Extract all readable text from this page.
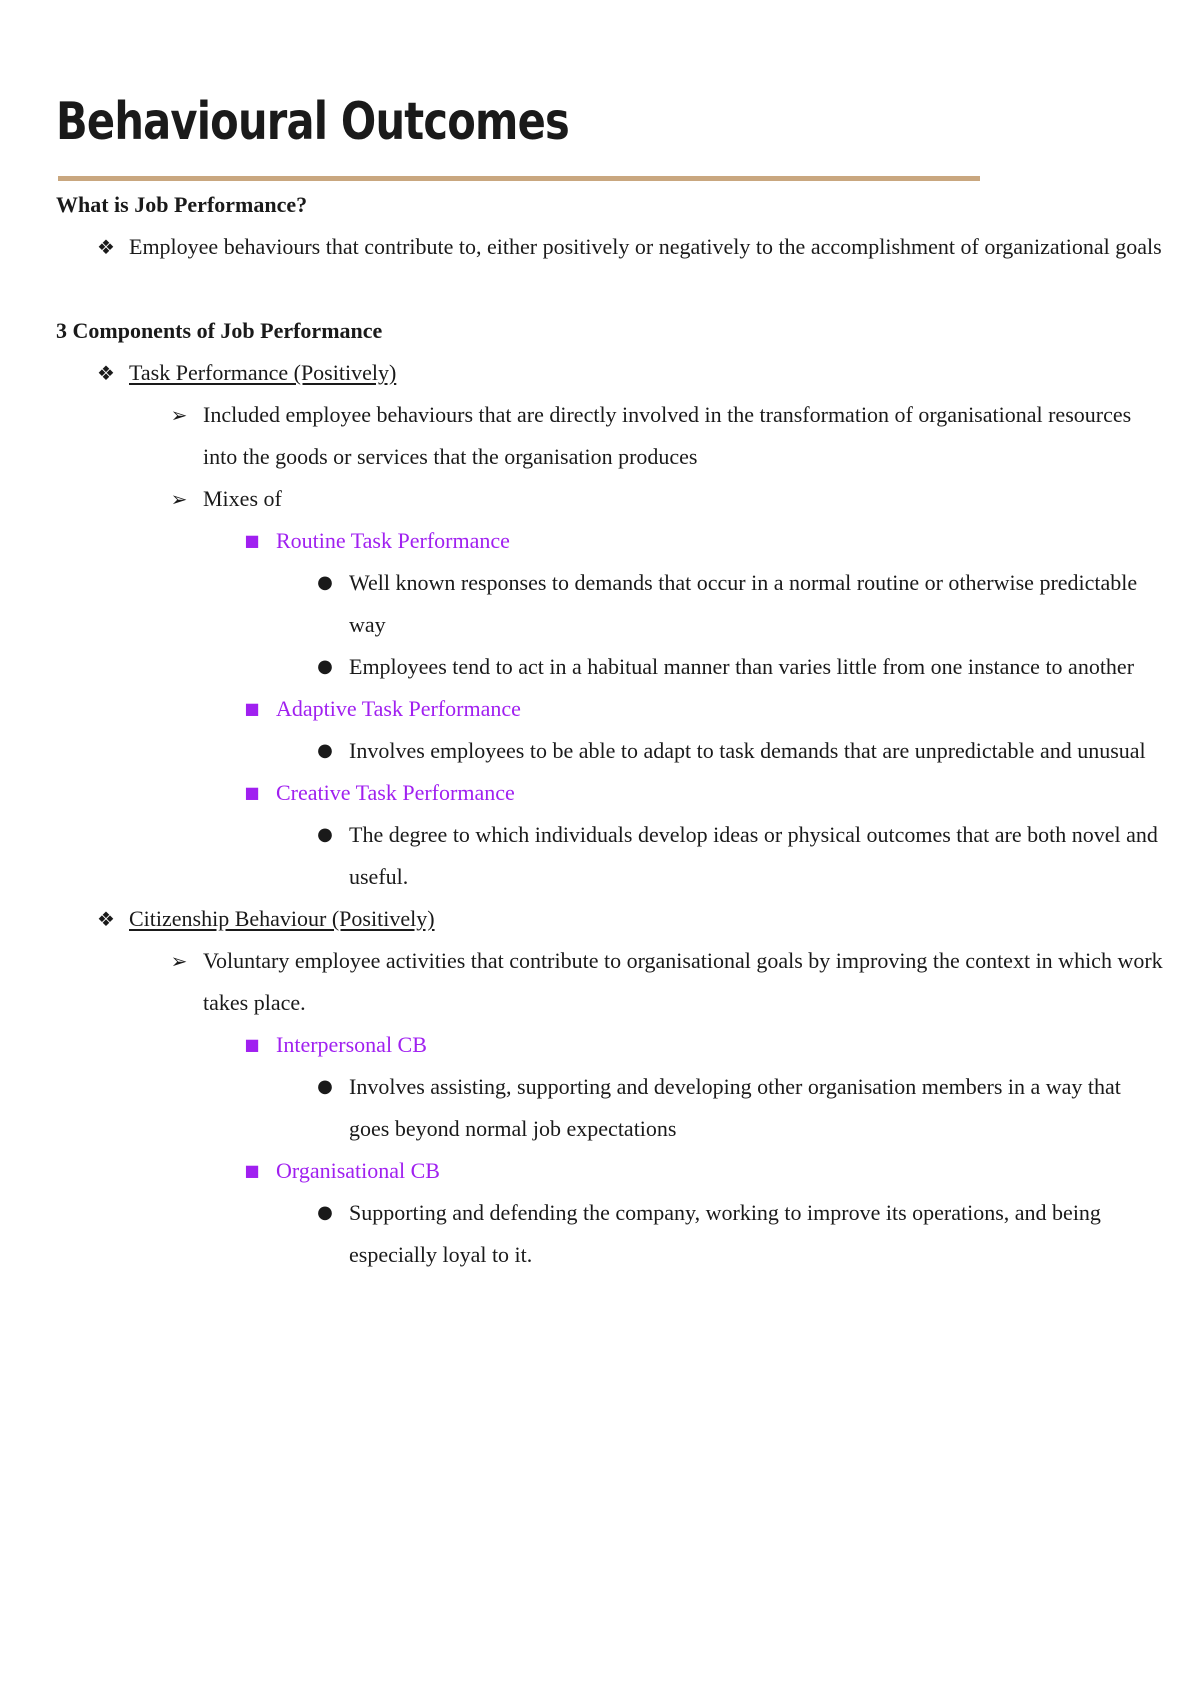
Behavioural Outcomes

What is Job Performance?

❖ Employee behaviours that contribute to, either positively or negatively to the accomplishment of organizational goals

3 Components of Job Performance

❖ Task Performance (Positively)
➢ Included employee behaviours that are directly involved in the transformation of organisational resources into the goods or services that the organisation produces
➢ Mixes of
■ Routine Task Performance
● Well known responses to demands that occur in a normal routine or otherwise predictable way
● Employees tend to act in a habitual manner than varies little from one instance to another
■ Adaptive Task Performance
● Involves employees to be able to adapt to task demands that are unpredictable and unusual
■ Creative Task Performance
● The degree to which individuals develop ideas or physical outcomes that are both novel and useful.
❖ Citizenship Behaviour (Positively)
➢ Voluntary employee activities that contribute to organisational goals by improving the context in which work takes place.
■ Interpersonal CB
● Involves assisting, supporting and developing other organisation members in a way that goes beyond normal job expectations
■ Organisational CB
● Supporting and defending the company, working to improve its operations, and being especially loyal to it.
